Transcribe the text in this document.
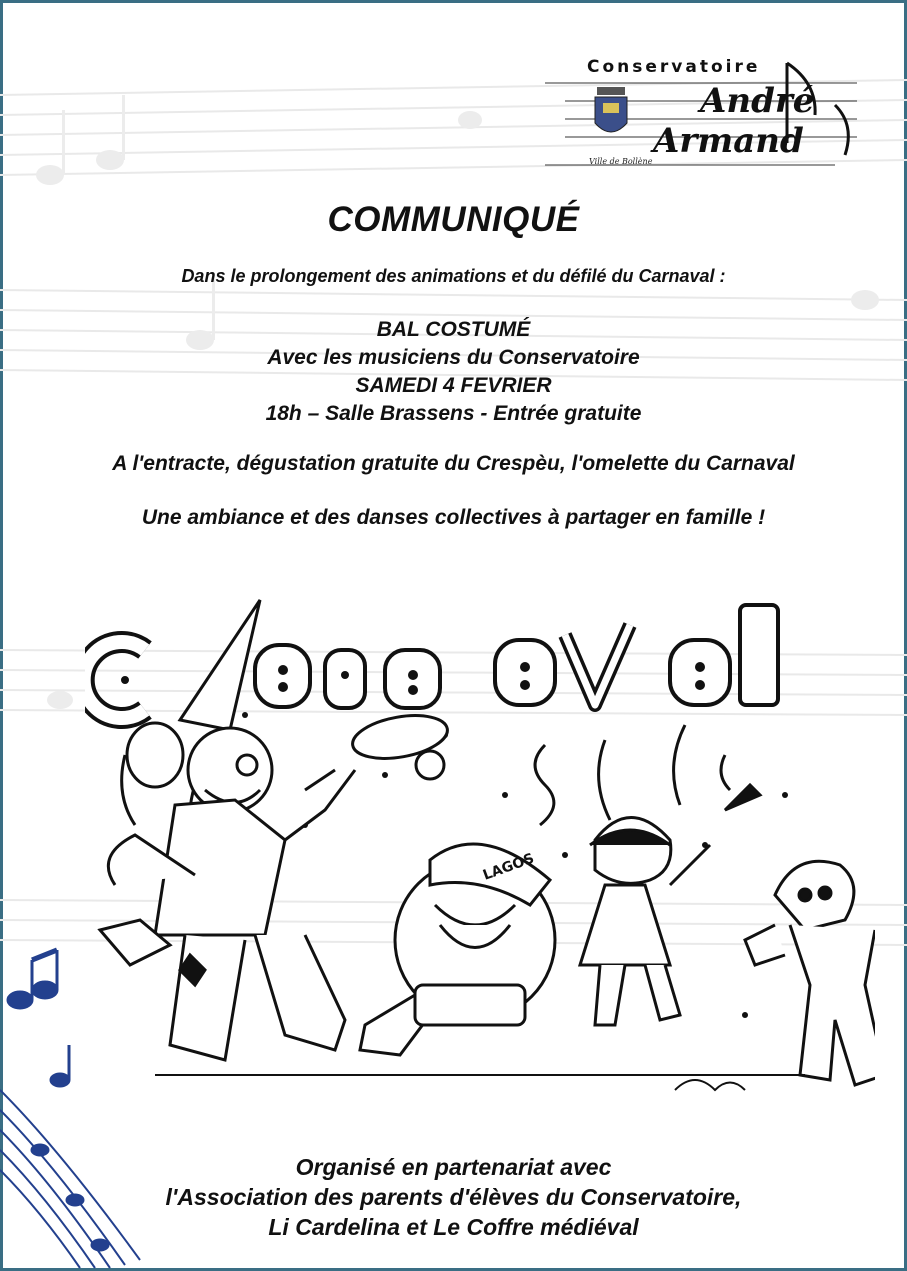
Conservatoire
André
Armand
Ville de Bollène
COMMUNIQUÉ
Dans le prolongement des animations et du défilé du Carnaval :
BAL COSTUMÉ
Avec les musiciens du Conservatoire
SAMEDI 4 FEVRIER
18h – Salle Brassens - Entrée gratuite
A l'entracte, dégustation gratuite du Crespèu, l'omelette du Carnaval
Une ambiance et des danses collectives à partager en famille !
LAGOS
Organisé en partenariat avec
l'Association des parents d'élèves du Conservatoire,
Li Cardelina et Le Coffre médiéval
